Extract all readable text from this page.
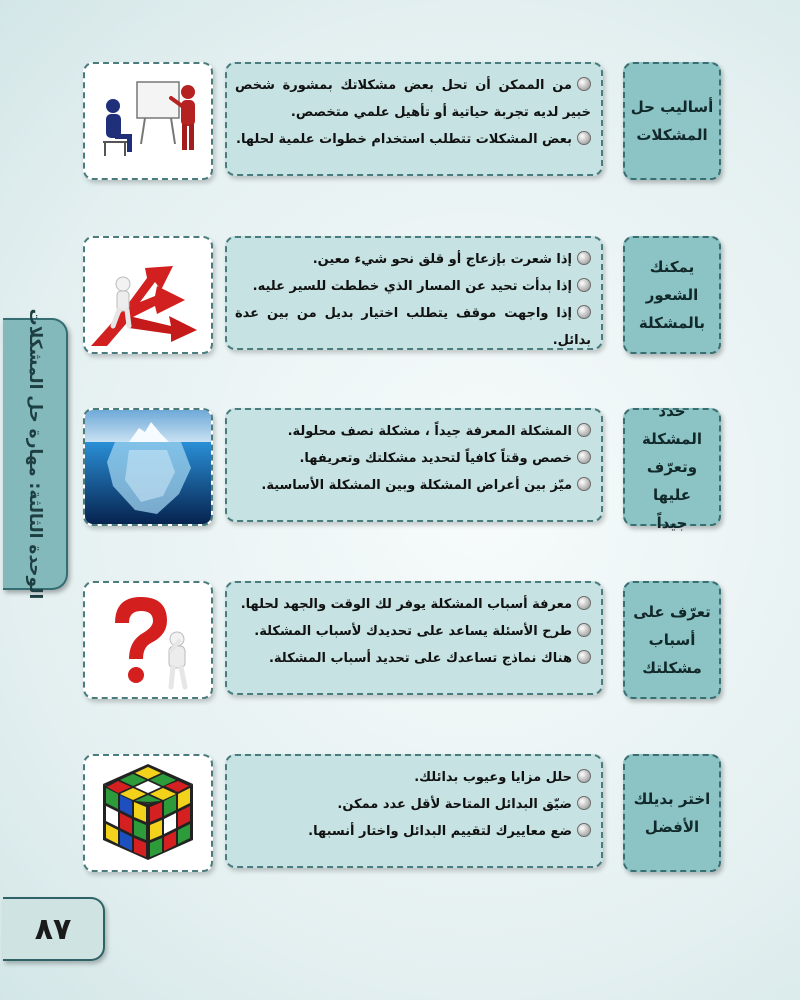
الوحدة الثالثة: مهارة حل المشكلات
من الممكن أن تحل بعض مشكلاتك بمشورة شخص خبير لديه تجربة حياتية أو تأهيل علمي متخصص.
بعض المشكلات تتطلب استخدام خطوات علمية لحلها.
أساليب حل
المشكلات
إذا شعرت بإزعاج أو قلق نحو شيء معين.
إذا بدأت تحيد عن المسار الذي خططت للسير عليه.
إذا واجهت موقف يتطلب اختيار بديل من بين عدة بدائل.
يمكنك
الشعور
بالمشكلة
المشكلة المعرفة جيداً ، مشكلة نصف محلولة.
خصص وقتاً كافياً لتحديد مشكلتك وتعريفها.
ميّز بين أعراض المشكلة وبين المشكلة الأساسية.
حدد المشكلة
وتعرّف عليها
جيداً
معرفة أسباب المشكلة يوفر لك الوقت والجهد لحلها.
طرح الأسئلة يساعد على تحديدك لأسباب المشكلة.
هناك نماذج تساعدك على تحديد أسباب المشكلة.
تعرّف على
أسباب
مشكلتك
حلل مزايا وعيوب بدائلك.
ضيّق البدائل المتاحة لأقل عدد ممكن.
ضع معاييرك لتقييم البدائل واختار أنسبها.
اختر بديلك
الأفضل
٨٧
